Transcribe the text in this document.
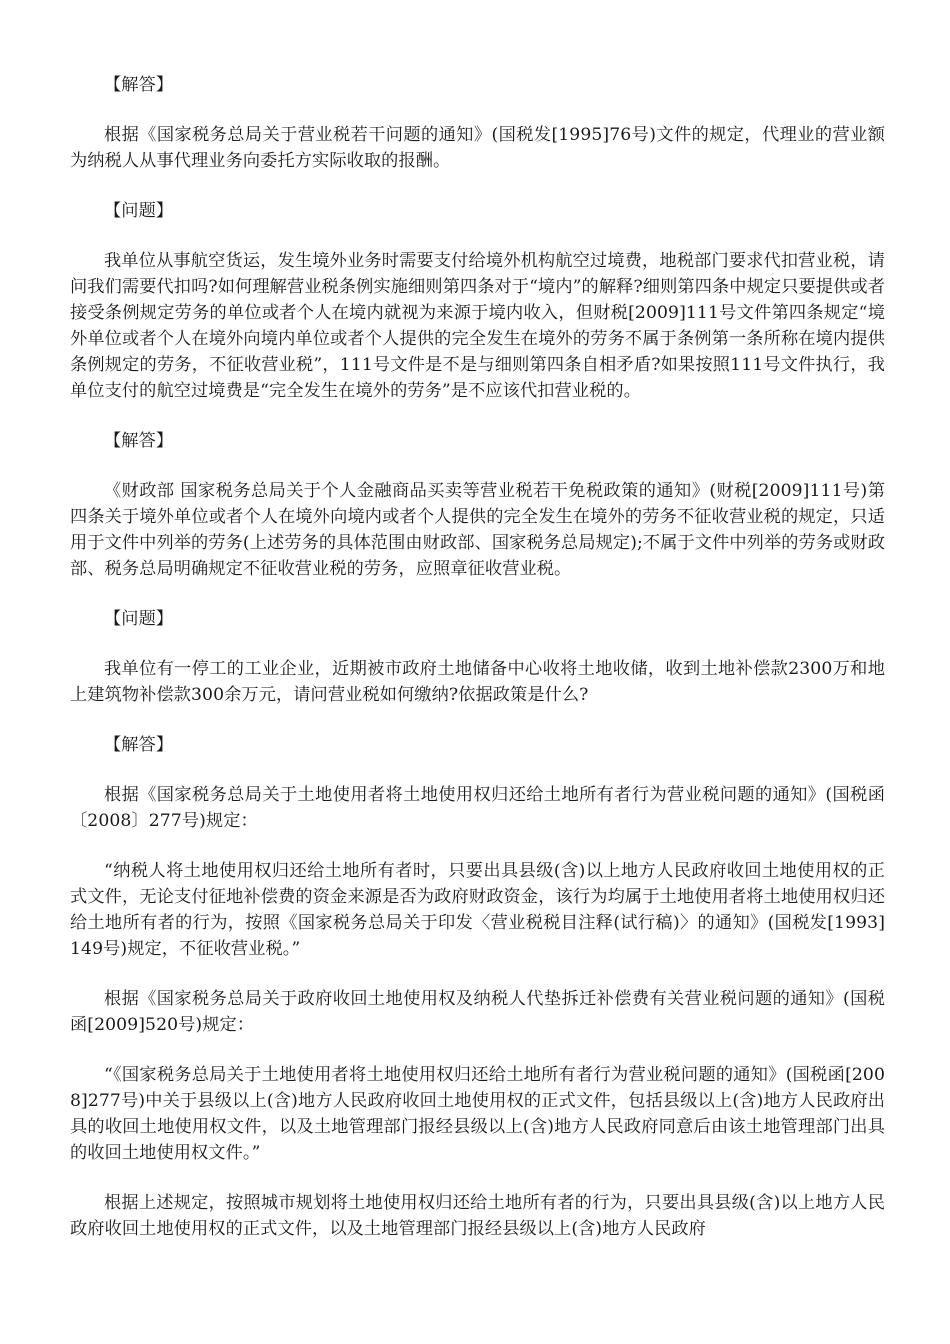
【解答】

根据《国家税务总局关于营业税若干问题的通知》(国税发[1995]76号)文件的规定，代理业的营业额为纳税人从事代理业务向委托方实际收取的报酬。

【问题】

我单位从事航空货运，发生境外业务时需要支付给境外机构航空过境费，地税部门要求代扣营业税，请问我们需要代扣吗?如何理解营业税条例实施细则第四条对于“境内”的解释?细则第四条中规定只要提供或者接受条例规定劳务的单位或者个人在境内就视为来源于境内收入，但财税[2009]111号文件第四条规定“境外单位或者个人在境外向境内单位或者个人提供的完全发生在境外的劳务不属于条例第一条所称在境内提供条例规定的劳务，不征收营业税”，111号文件是不是与细则第四条自相矛盾?如果按照111号文件执行，我单位支付的航空过境费是“完全发生在境外的劳务”是不应该代扣营业税的。

【解答】

《财政部 国家税务总局关于个人金融商品买卖等营业税若干免税政策的通知》(财税[2009]111号)第四条关于境外单位或者个人在境外向境内或者个人提供的完全发生在境外的劳务不征收营业税的规定，只适用于文件中列举的劳务(上述劳务的具体范围由财政部、国家税务总局规定);不属于文件中列举的劳务或财政部、税务总局明确规定不征收营业税的劳务，应照章征收营业税。

【问题】

我单位有一停工的工业企业，近期被市政府土地储备中心收将土地收储，收到土地补偿款2300万和地上建筑物补偿款300余万元，请问营业税如何缴纳?依据政策是什么?

【解答】

根据《国家税务总局关于土地使用者将土地使用权归还给土地所有者行为营业税问题的通知》(国税函〔2008〕277号)规定：

“纳税人将土地使用权归还给土地所有者时，只要出具县级(含)以上地方人民政府收回土地使用权的正式文件，无论支付征地补偿费的资金来源是否为政府财政资金，该行为均属于土地使用者将土地使用权归还给土地所有者的行为，按照《国家税务总局关于印发〈营业税税目注释(试行稿)〉的通知》(国税发[1993]149号)规定，不征收营业税。”

根据《国家税务总局关于政府收回土地使用权及纳税人代垫拆迁补偿费有关营业税问题的通知》(国税函[2009]520号)规定：

“《国家税务总局关于土地使用者将土地使用权归还给土地所有者行为营业税问题的通知》(国税函[2008]277号)中关于县级以上(含)地方人民政府收回土地使用权的正式文件，包括县级以上(含)地方人民政府出具的收回土地使用权文件，以及土地管理部门报经县级以上(含)地方人民政府同意后由该土地管理部门出具的收回土地使用权文件。”

根据上述规定，按照城市规划将土地使用权归还给土地所有者的行为，只要出具县级(含)以上地方人民政府收回土地使用权的正式文件，以及土地管理部门报经县级以上(含)地方人民政府
